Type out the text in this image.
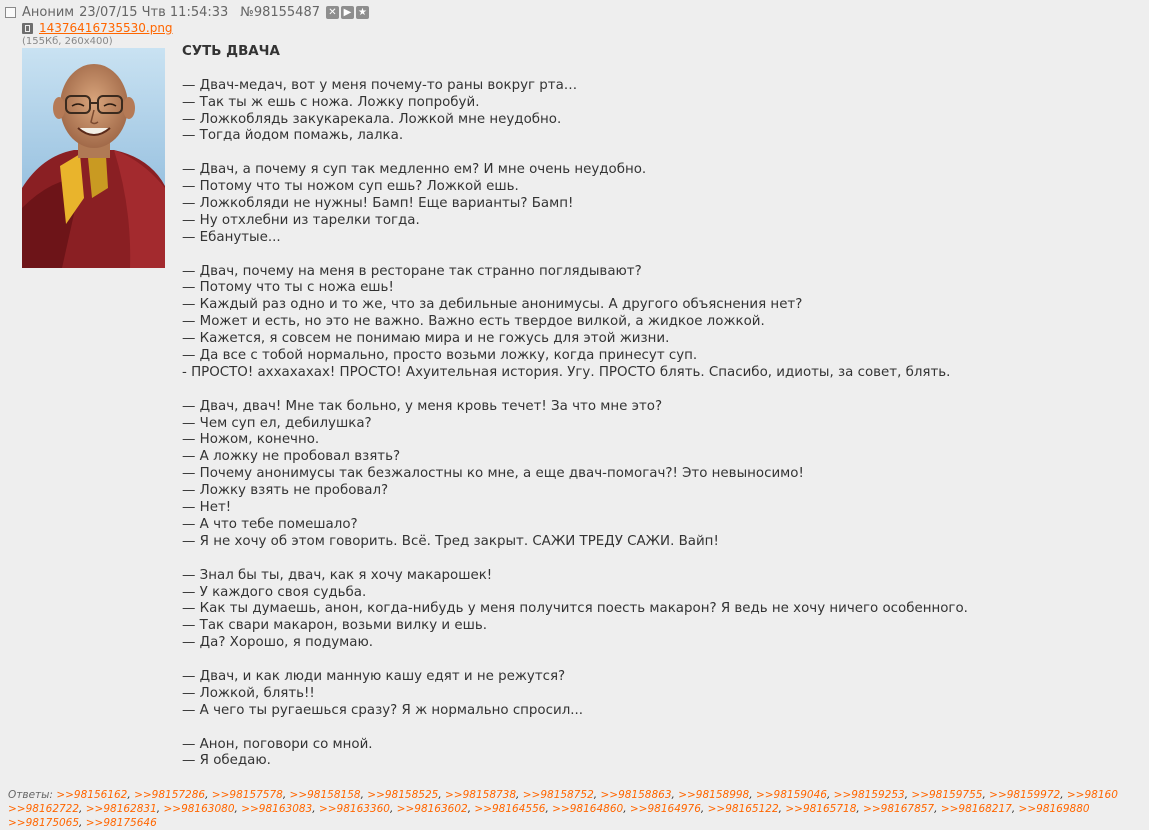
Аноним 23/07/15 Чтв 11:54:33 №98155487 ✕ ▶ ★
14376416735530.png
(155Кб, 260x400)
СУТЬ ДВАЧА
— Двач-медач, вот у меня почему-то раны вокруг рта…
— Так ты ж ешь с ножа. Ложку попробуй.
— Ложкоблядь закукарекала. Ложкой мне неудобно.
— Тогда йодом помажь, лалка.
— Двач, а почему я суп так медленно ем? И мне очень неудобно.
— Потому что ты ножом суп ешь? Ложкой ешь.
— Ложкобляди не нужны! Бамп! Еще варианты? Бамп!
— Ну отхлебни из тарелки тогда.
— Ебанутые...
— Двач, почему на меня в ресторане так странно поглядывают?
— Потому что ты с ножа ешь!
— Каждый раз одно и то же, что за дебильные анонимусы. А другого объяснения нет?
— Может и есть, но это не важно. Важно есть твердое вилкой, а жидкое ложкой.
— Кажется, я совсем не понимаю мира и не гожусь для этой жизни.
— Да все с тобой нормально, просто возьми ложку, когда принесут суп.
- ПРОСТО! аххахахах! ПРОСТО! Ахуительная история. Угу. ПРОСТО блять. Спасибо, идиоты, за совет, блять.
— Двач, двач! Мне так больно, у меня кровь течет! За что мне это?
— Чем суп ел, дебилушка?
— Ножом, конечно.
— А ложку не пробовал взять?
— Почему анонимусы так безжалостны ко мне, а еще двач-помогач?! Это невыносимо!
— Ложку взять не пробовал?
— Нет!
— А что тебе помешало?
— Я не хочу об этом говорить. Всё. Тред закрыт. САЖИ ТРЕДУ САЖИ. Вайп!
— Знал бы ты, двач, как я хочу макарошек!
— У каждого своя судьба.
— Как ты думаешь, анон, когда-нибудь у меня получится поесть макарон? Я ведь не хочу ничего особенного.
— Так свари макарон, возьми вилку и ешь.
— Да? Хорошо, я подумаю.
— Двач, и как люди манную кашу едят и не режутся?
— Ложкой, блять!!
— А чего ты ругаешься сразу? Я ж нормально спросил...
— Анон, поговори со мной.
— Я обедаю.
Ответы: >>98156162, >>98157286, >>98157578, >>98158158, >>98158525, >>98158738, >>98158752, >>98158863, >>98158998, >>98159046, >>98159253, >>98159755, >>98159972, >>98160
>>98162722, >>98162831, >>98163080, >>98163083, >>98163360, >>98163602, >>98164556, >>98164860, >>98164976, >>98165122, >>98165718, >>98167857, >>98168217, >>98169880
>>98175065, >>98175646
